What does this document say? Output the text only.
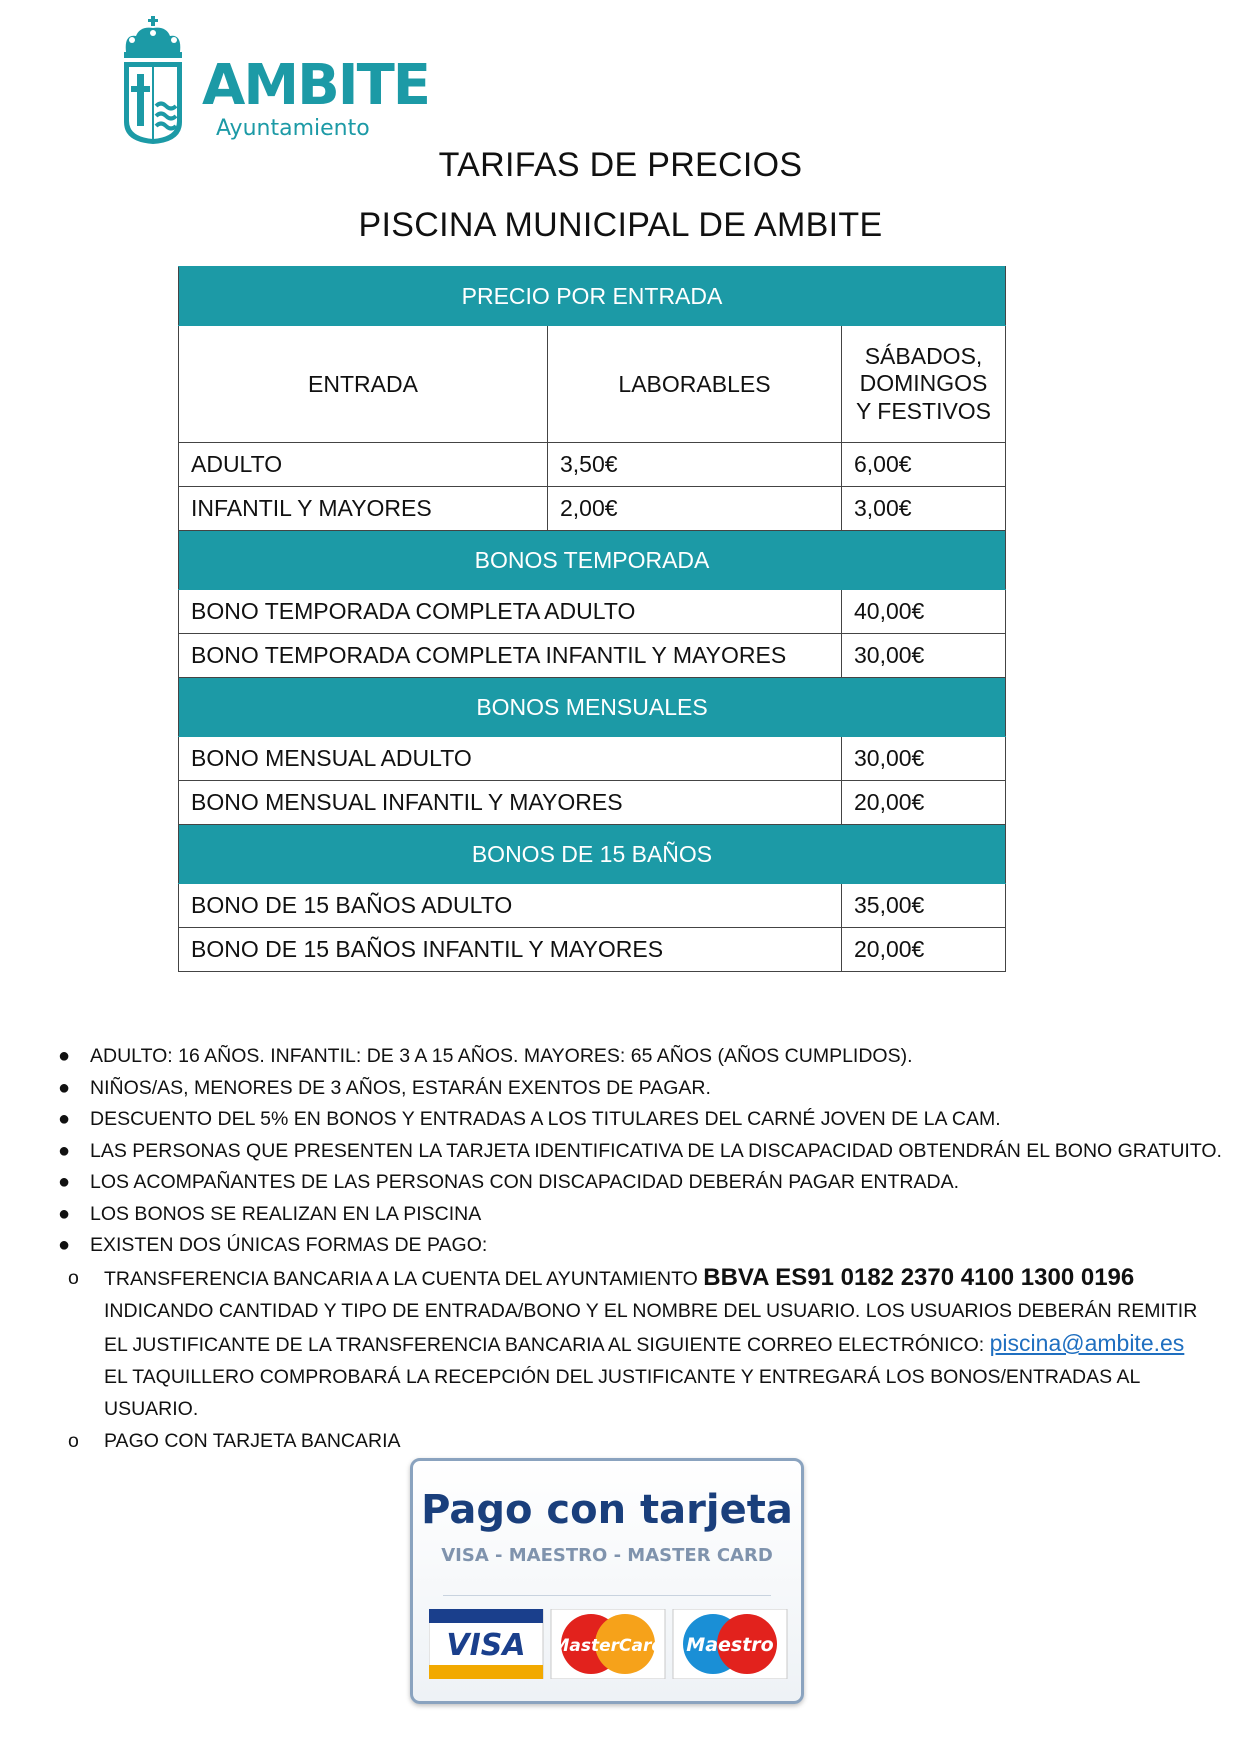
AMBITE
Ayuntamiento
TARIFAS DE PRECIOS
PISCINA MUNICIPAL DE AMBITE
PRECIO POR ENTRADA		
ENTRADA	LABORABLES	SÁBADOS,
DOMINGOS
Y FESTIVOS

ADULTO	3,50€	6,00€
INFANTIL Y MAYORES	2,00€	3,00€
BONOS TEMPORADA		
BONO TEMPORADA COMPLETA ADULTO		40,00€
BONO TEMPORADA COMPLETA INFANTIL Y MAYORES		30,00€
BONOS MENSUALES		
BONO MENSUAL ADULTO		30,00€
BONO MENSUAL INFANTIL Y MAYORES		20,00€
BONOS DE 15 BAÑOS		
BONO DE 15 BAÑOS ADULTO		35,00€
BONO DE 15 BAÑOS INFANTIL Y MAYORES		20,00€
● ADULTO: 16 AÑOS. INFANTIL: DE 3 A 15 AÑOS. MAYORES: 65 AÑOS (AÑOS CUMPLIDOS).
● NIÑOS/AS, MENORES DE 3 AÑOS, ESTARÁN EXENTOS DE PAGAR.
● DESCUENTO DEL 5% EN BONOS Y ENTRADAS A LOS TITULARES DEL CARNÉ JOVEN DE LA CAM.
● LAS PERSONAS QUE PRESENTEN LA TARJETA IDENTIFICATIVA DE LA DISCAPACIDAD OBTENDRÁN EL BONO GRATUITO.
● LOS ACOMPAÑANTES DE LAS PERSONAS CON DISCAPACIDAD DEBERÁN PAGAR ENTRADA.
● LOS BONOS SE REALIZAN EN LA PISCINA
● EXISTEN DOS ÚNICAS FORMAS DE PAGO:
o TRANSFERENCIA BANCARIA A LA CUENTA DEL AYUNTAMIENTO BBVA ES91 0182 2370 4100 1300 0196 INDICANDO CANTIDAD Y TIPO DE ENTRADA/BONO Y EL NOMBRE DEL USUARIO. LOS USUARIOS DEBERÁN REMITIR EL JUSTIFICANTE DE LA TRANSFERENCIA BANCARIA AL SIGUIENTE CORREO ELECTRÓNICO: piscina@ambite.es EL TAQUILLERO COMPROBARÁ LA RECEPCIÓN DEL JUSTIFICANTE Y ENTREGARÁ LOS BONOS/ENTRADAS AL USUARIO.
o PAGO CON TARJETA BANCARIA
Pago con tarjeta
VISA - MAESTRO - MASTER CARD
VISA MasterCard Maestro
